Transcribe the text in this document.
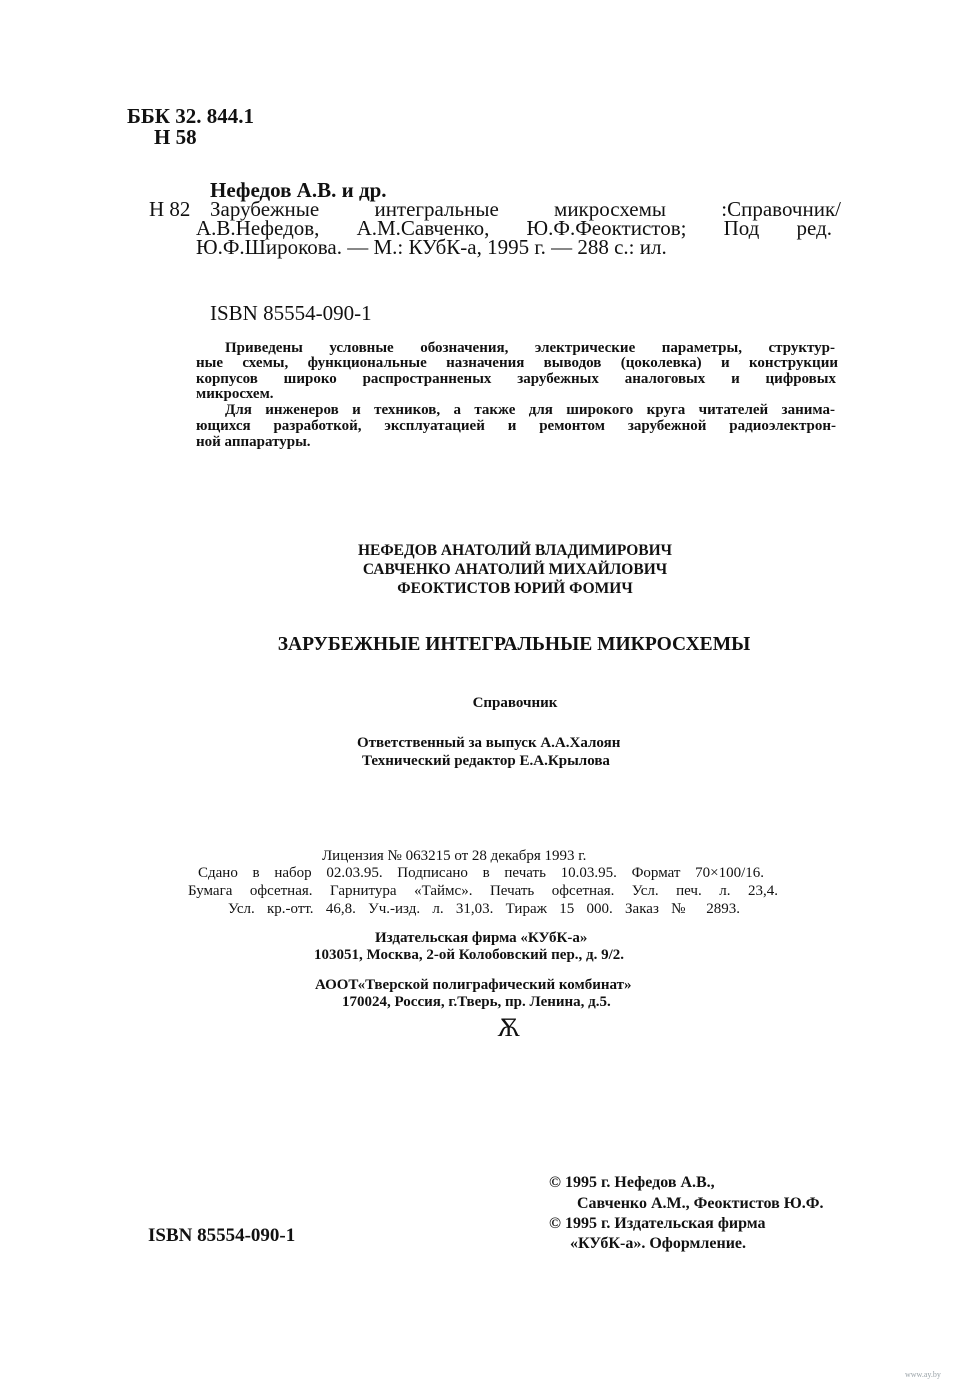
ББК 32. 844.1
Н 58
Нефедов А.В. и др.
Н 82 Зарубежные интегральные микросхемы :Справочник/
А.В.Нефедов, А.М.Савченко, Ю.Ф.Феоктистов; Под ред.
Ю.Ф.Широкова. — М.: КУбК-а, 1995 г. — 288 с.: ил.
ISBN 85554-090-1
Приведены условные обозначения, электрические параметры, структур-
ные схемы, функциональные назначения выводов (цоколевка) и конструкции
корпусов широко распространненых зарубежных аналоговых и цифровых
микросхем.
Для инженеров и техников, а также для широкого круга читателей занима-
ющихся разработкой, эксплуатацией и ремонтом зарубежной радиоэлектрон-
ной аппаратуры.
НЕФЕДОВ АНАТОЛИЙ ВЛАДИМИРОВИЧ
САВЧЕНКО АНАТОЛИЙ МИХАЙЛОВИЧ
ФЕОКТИСТОВ ЮРИЙ ФОМИЧ
ЗАРУБЕЖНЫЕ ИНТЕГРАЛЬНЫЕ МИКРОСХЕМЫ
Справочник
Ответственный за выпуск А.А.Халоян
Технический редактор Е.А.Крылова
Лицензия № 063215 от 28 декабря 1993 г.
Сдано в набор 02.03.95. Подписано в печать 10.03.95. Формат 70×100/16.
Бумага офсетная. Гарнитура «Таймс». Печать офсетная. Усл. печ. л. 23,4.
Усл. кр.-отт. 46,8. Уч.-изд. л. 31,03. Тираж 15 000. Заказ № 2893.
Издательская фирма «КУбК-а»
103051, Москва, 2-ой Колобовский пер., д. 9/2.
АООТ«Тверской полиграфический комбинат»
170024, Россия, г.Тверь, пр. Ленина, д.5.
Ѫ
© 1995 г. Нефедов А.В.,
Савченко А.М., Феоктистов Ю.Ф.
© 1995 г. Издательская фирма
«КУбК-а». Оформление.
ISBN 85554-090-1
www.ay.by
